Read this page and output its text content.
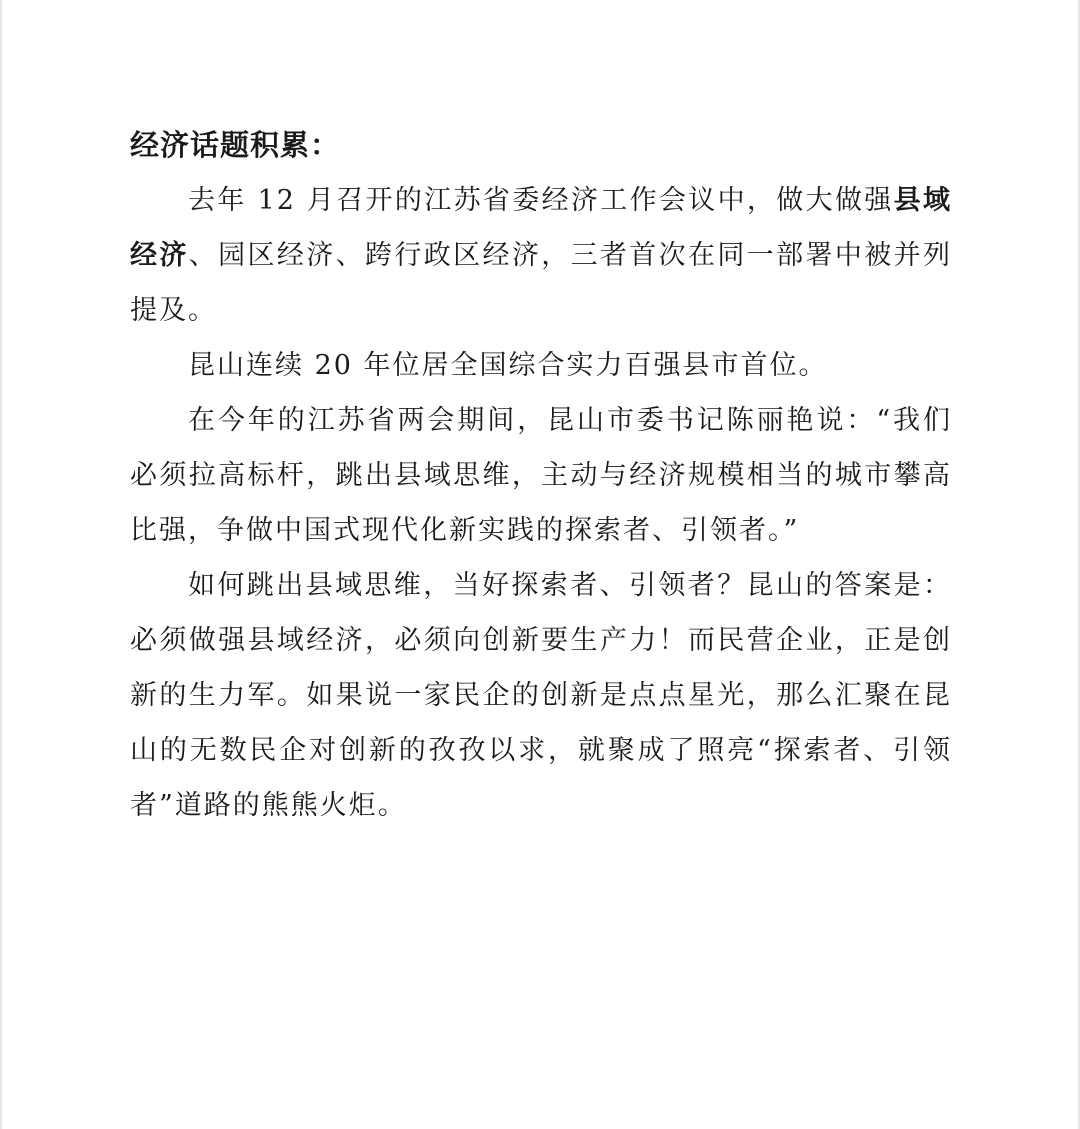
经济话题积累：

去年 12 月召开的江苏省委经济工作会议中，做大做强县域经济、园区经济、跨行政区经济，三者首次在同一部署中被并列提及。

昆山连续 20 年位居全国综合实力百强县市首位。

在今年的江苏省两会期间，昆山市委书记陈丽艳说：“我们必须拉高标杆，跳出县域思维，主动与经济规模相当的城市攀高比强，争做中国式现代化新实践的探索者、引领者。”

如何跳出县域思维，当好探索者、引领者？昆山的答案是：必须做强县域经济，必须向创新要生产力！而民营企业，正是创新的生力军。如果说一家民企的创新是点点星光，那么汇聚在昆山的无数民企对创新的孜孜以求，就聚成了照亮“探索者、引领者”道路的熊熊火炬。
